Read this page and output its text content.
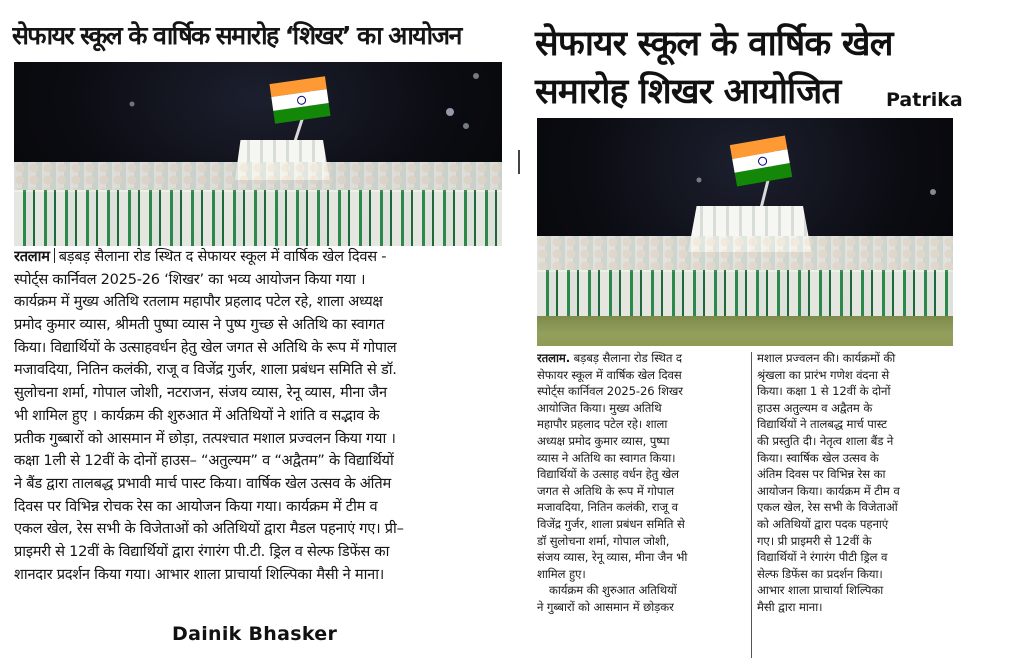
सेफायर स्कूल के वार्षिक समारोह ‘शिखर’ का आयोजन
रतलाम बड़बड़ सैलाना रोड स्थित द सेफायर स्कूल में वार्षिक खेल दिवस -
स्पोर्ट्स कार्निवल 2025-26 ‘शिखर’ का भव्य आयोजन किया गया ।
कार्यक्रम में मुख्य अतिथि रतलाम महापौर प्रहलाद पटेल रहे, शाला अध्यक्ष
प्रमोद कुमार व्यास, श्रीमती पुष्पा व्यास ने पुष्प गुच्छ से अतिथि का स्वागत
किया। विद्यार्थियों के उत्साहवर्धन हेतु खेल जगत से अतिथि के रूप में गोपाल
मजावदिया, नितिन कलंकी, राजू व विजेंद्र गुर्जर, शाला प्रबंधन समिति से डॉ.
सुलोचना शर्मा, गोपाल जोशी, नटराजन, संजय व्यास, रेनू व्यास, मीना जैन
भी शामिल हुए । कार्यक्रम की शुरुआत में अतिथियों ने शांति व सद्भाव के
प्रतीक गुब्बारों को आसमान में छोड़ा, तत्पश्चात मशाल प्रज्वलन किया गया ।
कक्षा 1ली से 12वीं के दोनों हाउस– “अतुल्यम” व “अद्वैतम” के विद्यार्थियों
ने बैंड द्वारा तालबद्ध प्रभावी मार्च पास्ट किया। वार्षिक खेल उत्सव के अंतिम
दिवस पर विभिन्न रोचक रेस का आयोजन किया गया। कार्यक्रम में टीम व
एकल खेल, रेस सभी के विजेताओं को अतिथियों द्वारा मैडल पहनाएं गए। प्री–
प्राइमरी से 12वीं के विद्यार्थियों द्वारा रंगारंग पी.टी. ड्रिल व सेल्फ डिफेंस का
शानदार प्रदर्शन किया गया। आभार शाला प्राचार्या शिल्पिका मैसी ने माना।
Dainik Bhasker
सेफायर स्कूल के वार्षिक खेल
समारोह शिखर आयोजित	Patrika
रतलाम. बड़बड़ सैलाना रोड स्थित द
सेफायर स्कूल में वार्षिक खेल दिवस
स्पोर्ट्स कार्निवल 2025-26 शिखर
आयोजित किया। मुख्य अतिथि
महापौर प्रहलाद पटेल रहे। शाला
अध्यक्ष प्रमोद कुमार व्यास, पुष्पा
व्यास ने अतिथि का स्वागत किया।
विद्यार्थियों के उत्साह वर्धन हेतु खेल
जगत से अतिथि के रूप में गोपाल
मजावदिया, नितिन कलंकी, राजू व
विजेंद्र गुर्जर, शाला प्रबंधन समिति से
डॉ सुलोचना शर्मा, गोपाल जोशी,
संजय व्यास, रेनू व्यास, मीना जैन भी
शामिल हुए।
कार्यक्रम की शुरुआत अतिथियों
ने गुब्बारों को आसमान में छोड़कर
मशाल प्रज्वलन की। कार्यक्रमों की
श्रृंखला का प्रारंभ गणेश वंदना से
किया। कक्षा 1 से 12वीं के दोनों
हाउस अतुल्यम व अद्वैतम के
विद्यार्थियों ने तालबद्ध मार्च पास्ट
की प्रस्तुति दी। नेतृत्व शाला बैंड ने
किया। स्वार्षिक खेल उत्सव के
अंतिम दिवस पर विभिन्न रेस का
आयोजन किया। कार्यक्रम में टीम व
एकल खेल, रेस सभी के विजेताओं
को अतिथियों द्वारा पदक पहनाएं
गए। प्री प्राइमरी से 12वीं के
विद्यार्थियों ने रंगारंग पीटी ड्रिल व
सेल्फ डिफेंस का प्रदर्शन किया।
आभार शाला प्राचार्या शिल्पिका
मैसी द्वारा माना।
